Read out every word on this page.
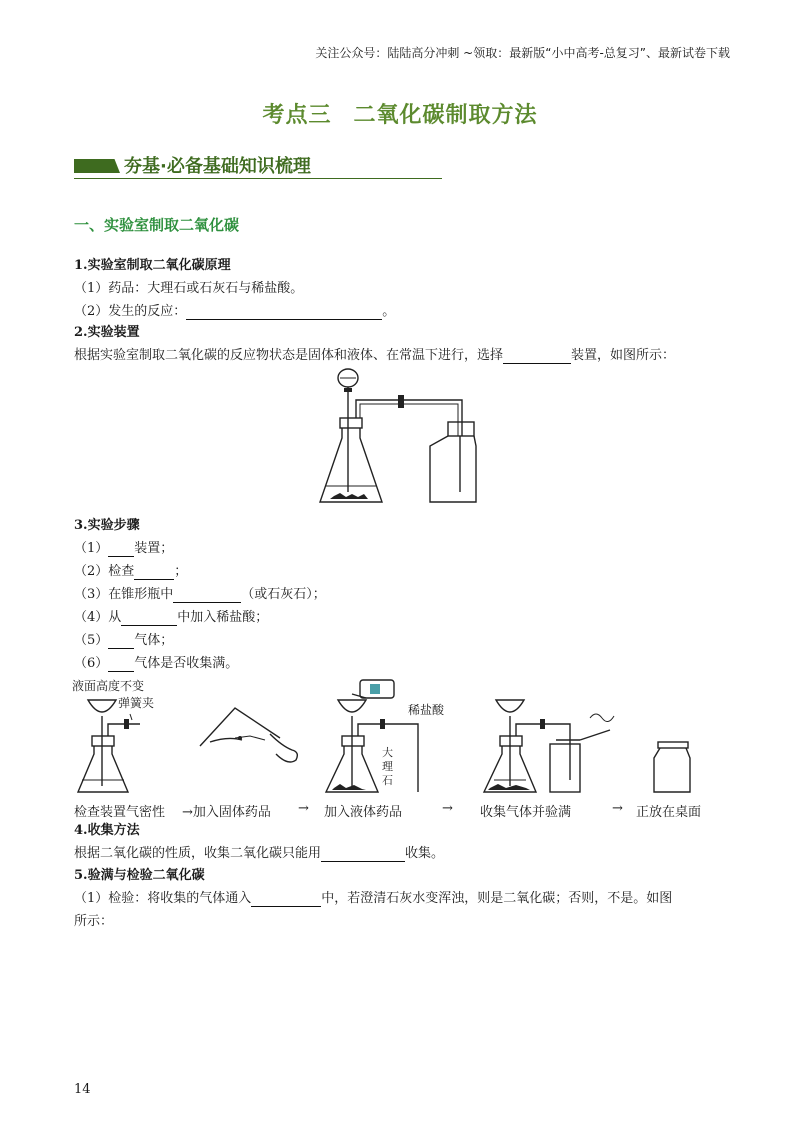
关注公众号：陆陆高分冲刺 ~领取：最新版“小中高考-总复习”、最新试卷下载
考点三 二氧化碳制取方法
夯基·必备基础知识梳理
一、实验室制取二氧化碳
1.实验室制取二氧化碳原理
（1）药品：大理石或石灰石与稀盐酸。
（2）发生的反应：	。
2.实验装置
根据实验室制取二氧化碳的反应物状态是固体和液体、在常温下进行，选择	装置，如图所示：
3.实验步骤
（1） 装置；
（2）检查	；
（3）在锥形瓶中	（或石灰石）；
（4）从	中加入稀盐酸；
（5） 气体；
（6） 气体是否收集满。
液面高度不变
弹簧夹	稀盐酸
大
理
石
检查装置气密性 →加入固体药品 → 加入液体药品	→ 收集气体并验满	→ 正放在桌面
4.收集方法
根据二氧化碳的性质，收集二氧化碳只能用	收集。
5.验满与检验二氧化碳
（1）检验：将收集的气体通入	中，若澄清石灰水变浑浊，则是二氧化碳；否则，不是。如图
所示：
14
